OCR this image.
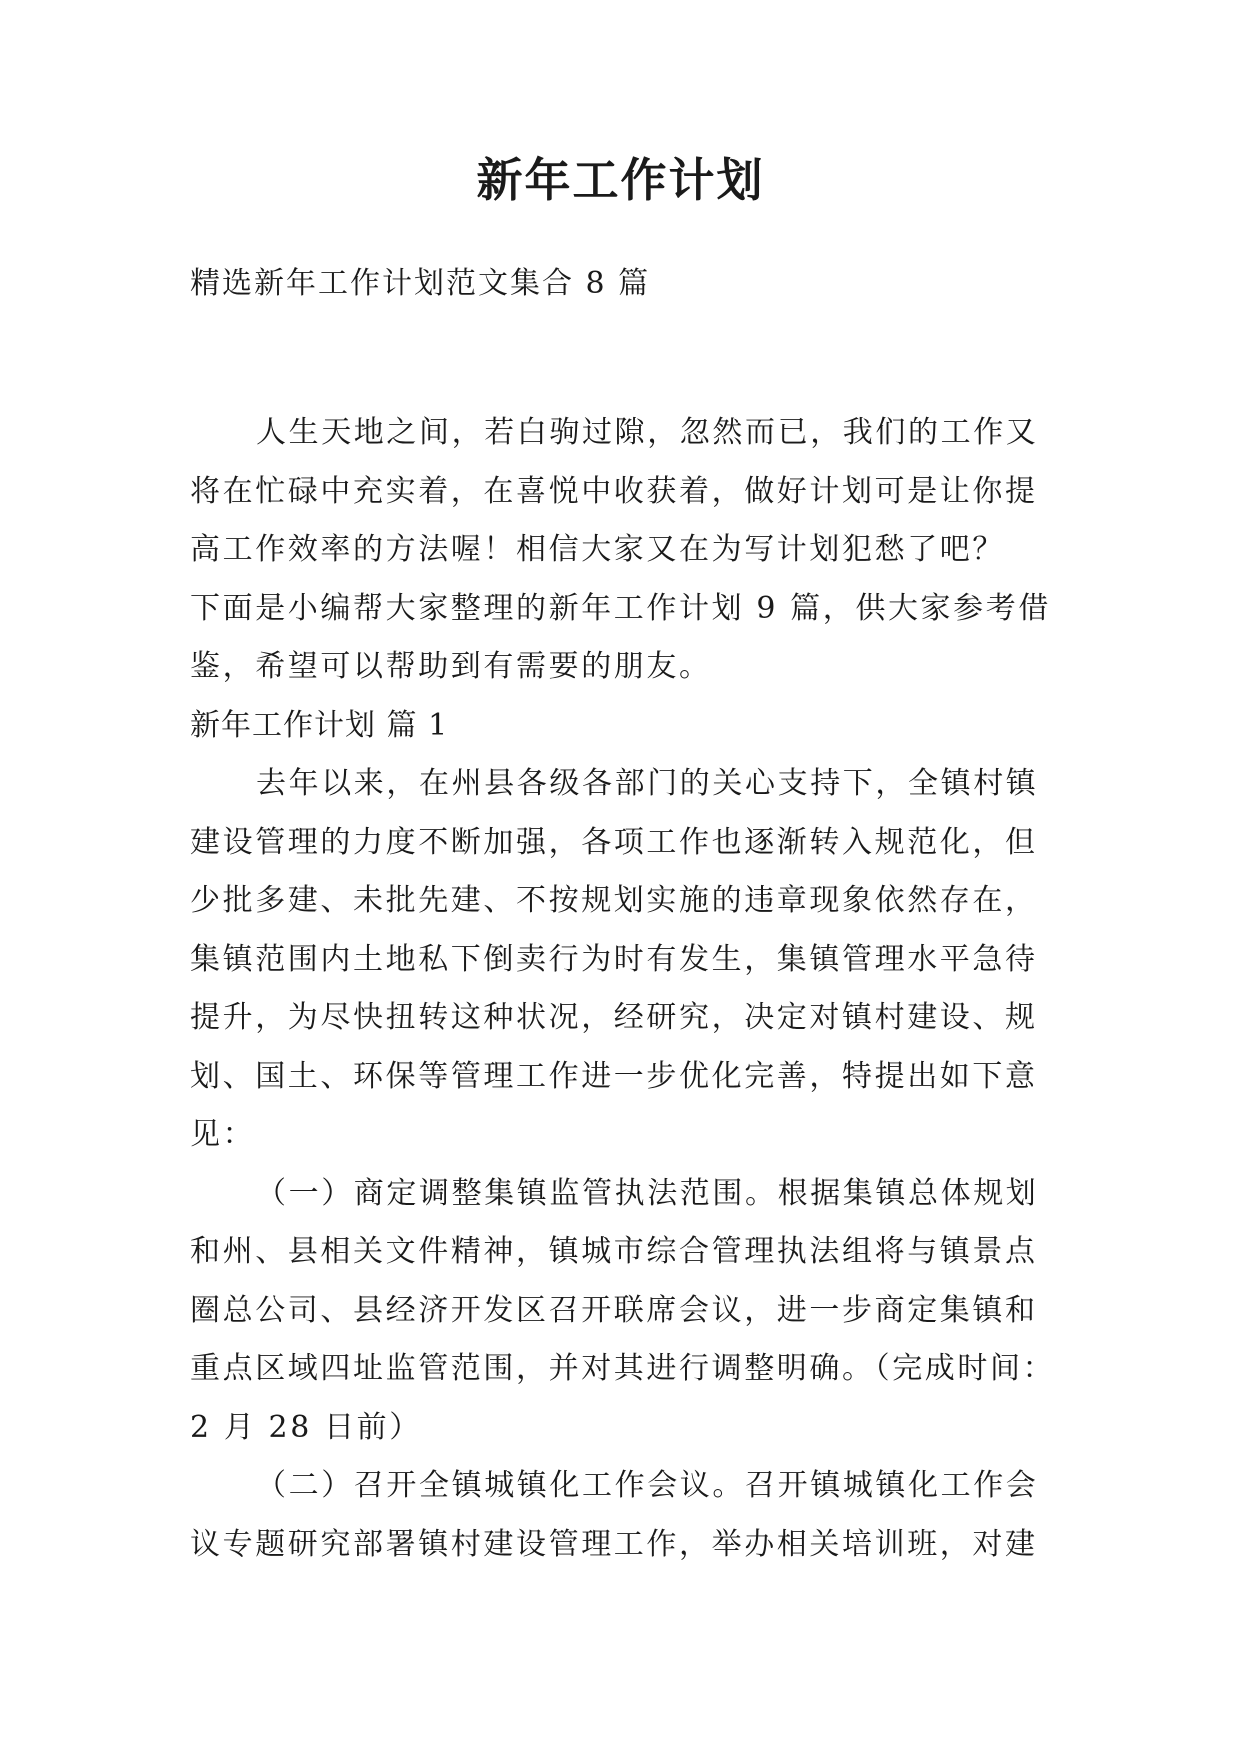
新年工作计划
精选新年工作计划范文集合 8 篇
人生天地之间，若白驹过隙，忽然而已，我们的工作又
将在忙碌中充实着，在喜悦中收获着，做好计划可是让你提
高工作效率的方法喔！相信大家又在为写计划犯愁了吧？
下面是小编帮大家整理的新年工作计划 9 篇，供大家参考借
鉴，希望可以帮助到有需要的朋友。
新年工作计划 篇 1
去年以来，在州县各级各部门的关心支持下，全镇村镇
建设管理的力度不断加强，各项工作也逐渐转入规范化，但
少批多建、未批先建、不按规划实施的违章现象依然存在，
集镇范围内土地私下倒卖行为时有发生，集镇管理水平急待
提升，为尽快扭转这种状况，经研究，决定对镇村建设、规
划、国土、环保等管理工作进一步优化完善，特提出如下意
见：
（一）商定调整集镇监管执法范围。根据集镇总体规划
和州、县相关文件精神，镇城市综合管理执法组将与镇景点
圈总公司、县经济开发区召开联席会议，进一步商定集镇和
重点区域四址监管范围，并对其进行调整明确。（完成时间：
2 月 28 日前）
（二）召开全镇城镇化工作会议。召开镇城镇化工作会
议专题研究部署镇村建设管理工作，举办相关培训班，对建
